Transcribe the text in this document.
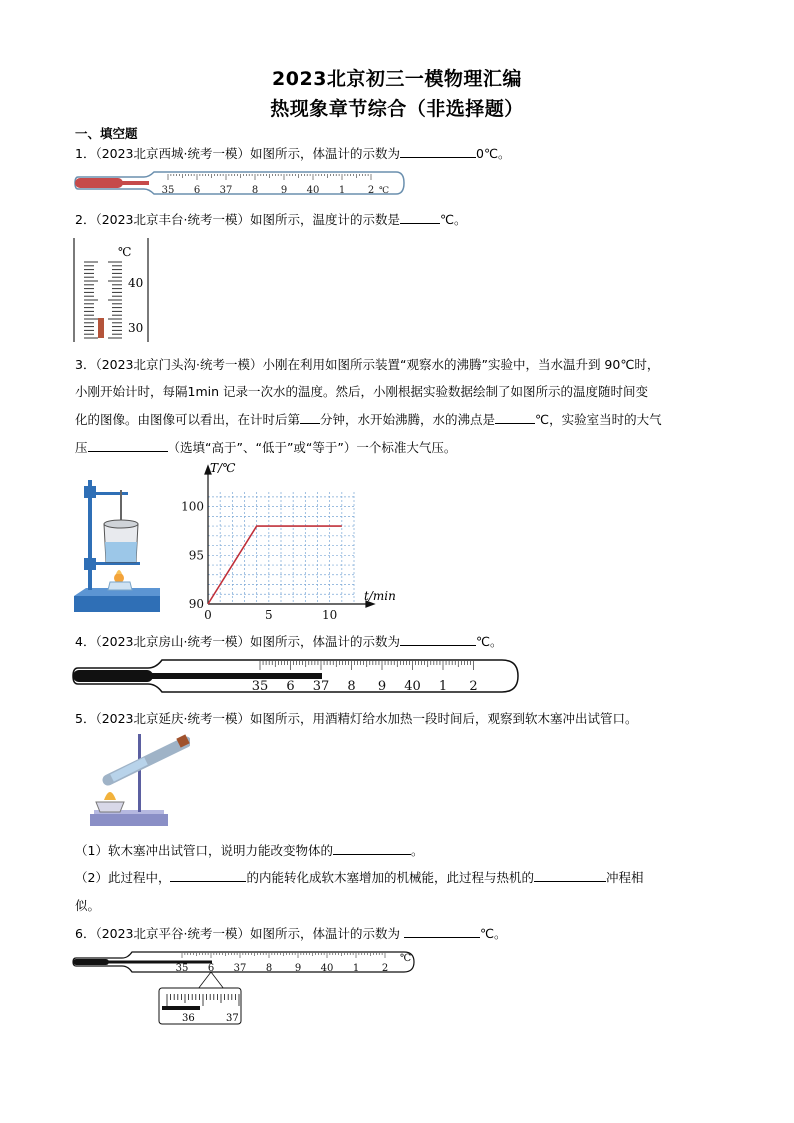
2023北京初三一模物理汇编
热现象章节综合（非选择题）
一、填空题
1．（2023北京西城·统考一模）如图所示，体温计的示数为	0℃。
35 6 37 8 9 40 1 2 ℃
2．（2023北京丰台·统考一模）如图所示，温度计的示数是	℃。
℃
40
30
3．（2023北京门头沟·统考一模）小刚在利用如图所示装置“观察水的沸腾”实验中，当水温升到 90℃时，
小刚开始计时，每隔1min 记录一次水的温度。然后，小刚根据实验数据绘制了如图所示的温度随时间变
化的图像。由图像可以看出，在计时后第 分钟，水开始沸腾，水的沸点是	℃，实验室当时的大气
压	（选填“高于”、“低于”或“等于”）一个标准大气压。
0	5	10
90
95
100
T/℃
t/min
4．（2023北京房山·统考一模）如图所示，体温计的示数为	℃。
35 6 37 8 9 40 1 2
5．（2023北京延庆·统考一模）如图所示，用酒精灯给水加热一段时间后，观察到软木塞冲出试管口。
（1）软木塞冲出试管口，说明力能改变物体的	。
（2）此过程中，	的内能转化成软木塞增加的机械能，此过程与热机的	冲程相
似。
6．（2023北京平谷·统考一模）如图所示，体温计的示数为	℃。
35 6 37 8 9 40 1 2
℃
36	37
